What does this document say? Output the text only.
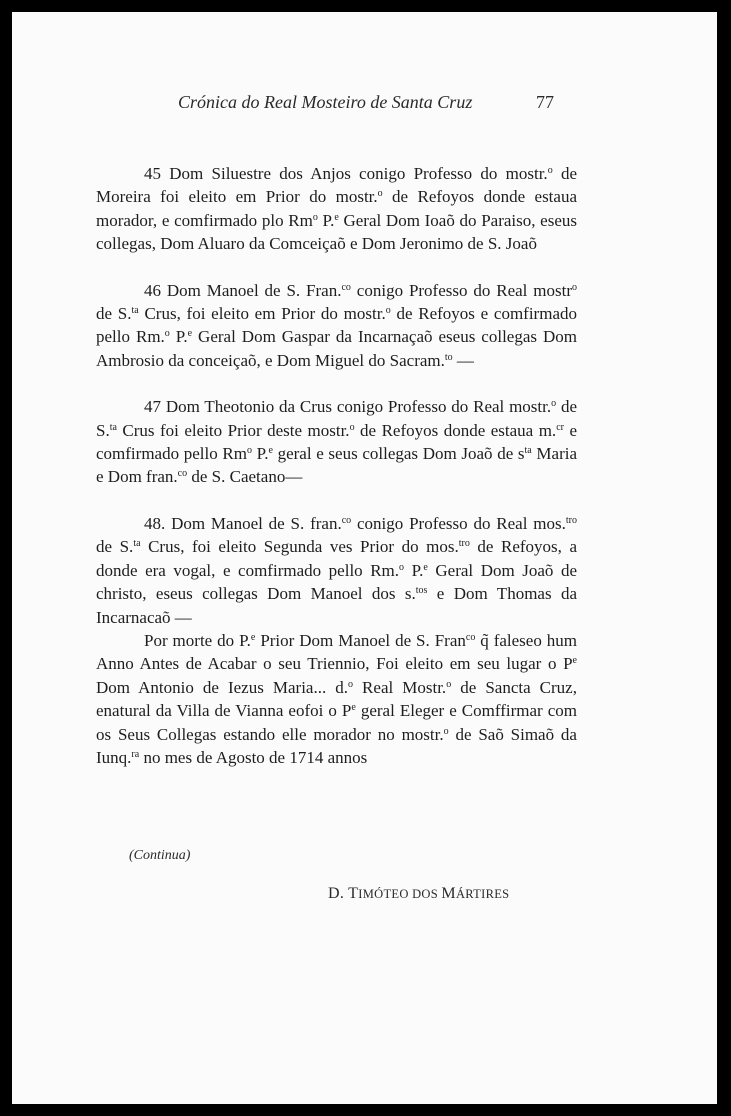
Crónica do Real Mosteiro de Santa Cruz	77

45 Dom Siluestre dos Anjos conigo Professo do mostr.$^o$ de Moreira foi eleito em Prior do mostr.$^o$ de Refoyos donde estaua morador, e comfirmado plo Rm$^o$ P.$^e$ Geral Dom Ioaõ do Paraiso, eseus collegas, Dom Aluaro da Comceiçaõ e Dom Jeronimo de S. Joaõ

46 Dom Manoel de S. Fran.$^{co}$ conigo Professo do Real mostr$^o$ de S.$^{ta}$ Crus, foi eleito em Prior do mostr.$^o$ de Refoyos e comfirmado pello Rm.$^o$ P.$^e$ Geral Dom Gaspar da Incarnaçaõ eseus collegas Dom Ambrosio da conceiçaõ, e Dom Miguel do Sacram.$^{to}$ —

47 Dom Theotonio da Crus conigo Professo do Real mostr.$^o$ de S.$^{ta}$ Crus foi eleito Prior deste mostr.$^o$ de Refoyos donde estaua m.$^{cr}$ e comfirmado pello Rm$^o$ P.$^e$ geral e seus collegas Dom Joaõ de $s^{ta}$ Maria e Dom fran.$^{co}$ de S. Caetano—

48. Dom Manoel de S. fran.$^{co}$ conigo Professo do Real mos.$^{tro}$ de S.$^{ta}$ Crus, foi eleito Segunda ves Prior do mos.$^{tro}$ de Refoyos, a donde era vogal, e comfirmado pello Rm.$^o$ P.$^e$ Geral Dom Joaõ de christo, eseus collegas Dom Manoel dos s.$^{tos}$ e Dom Thomas da Incarnacaõ —

Por morte do P.$^e$ Prior Dom Manoel de S. Fran$^{co}$ q̃ faleseo hum Anno Antes de Acabar o seu Triennio, Foi eleito em seu lugar o $P^e$ Dom Antonio de Iezus Maria... d.$^o$ Real Mostr.$^o$ de Sancta Cruz, enatural da Villa de Vianna eofoi o $P^e$ geral Eleger e Comffirmar com os Seus Collegas estando elle morador no mostr.$^o$ de Saõ Simaõ da Iunq.$^{ra}$ no mes de Agosto de 1714 annos

(Continua)
D. TIMÓTEO DOS MÁRTIRES
